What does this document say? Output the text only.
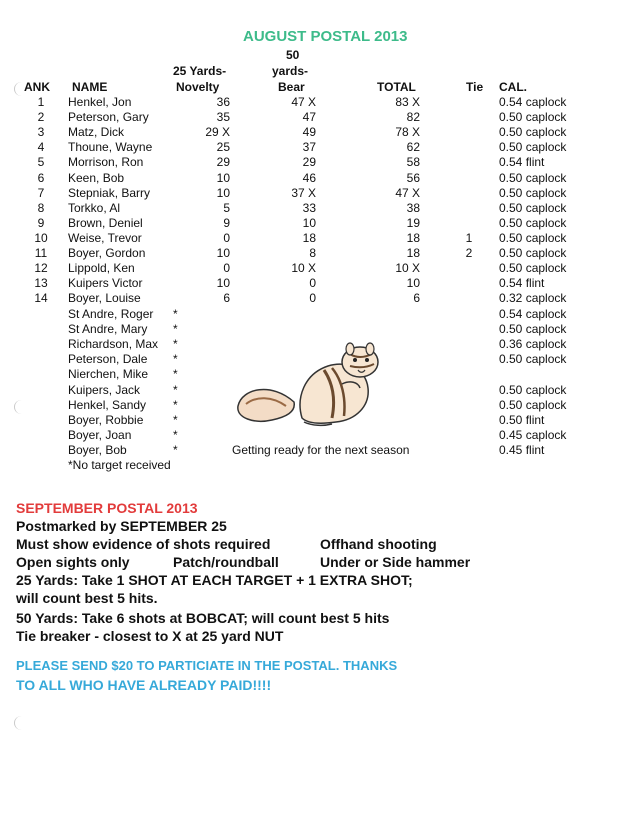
AUGUST POSTAL 2013
50
25 Yards-	yards-
ANK NAME	Novelty	Bear	TOTAL	Tie CAL.
1	Henkel, Jon	36	47 X	83 X	0.54 caplock
2	Peterson, Gary	35	47	82	0.50 caplock
3	Matz, Dick	29 X	49	78 X	0.50 caplock
4	Thoune, Wayne	25	37	62	0.50 caplock
5	Morrison, Ron	29	29	58	0.54 flint
6	Keen, Bob	10	46	56	0.50 caplock
7	Stepniak, Barry	10	37 X	47 X	0.50 caplock
8	Torkko, Al	5	33	38	0.50 caplock
9	Brown, Deniel	9	10	19	0.50 caplock
10 Weise, Trevor	0	18	18	1	0.50 caplock
11 Boyer, Gordon	10	8	18	2	0.50 caplock
12 Lippold, Ken	0	10 X	10 X	0.50 caplock
13 Kuipers Victor	10	0	10	0.54 flint
14 Boyer, Louise	6	0	6	0.32 caplock
St Andre, Roger *	0.54 caplock
St Andre, Mary *	0.50 caplock
Richardson, Max *	0.36 caplock
Peterson, Dale *	0.50 caplock
Nierchen, Mike *
Kuipers, Jack	*	0.50 caplock
Henkel, Sandy *	0.50 caplock
Boyer, Robbie *	0.50 flint
Boyer, Joan	*	0.45 caplock
Boyer, Bob	*	0.45 flint
*No target received
Getting ready for the next season
SEPTEMBER POSTAL 2013
Postmarked by SEPTEMBER 25
Must show evidence of shots required	Offhand shooting
Open sights only	Patch/roundball	Under or Side hammer
25 Yards: Take 1 SHOT AT EACH TARGET + 1 EXTRA SHOT;
will count best 5 hits.
50 Yards: Take 6 shots at BOBCAT; will count best 5 hits
Tie breaker - closest to X at 25 yard NUT
PLEASE SEND $20 TO PARTICIATE IN THE POSTAL. THANKS
TO ALL WHO HAVE ALREADY PAID!!!!
